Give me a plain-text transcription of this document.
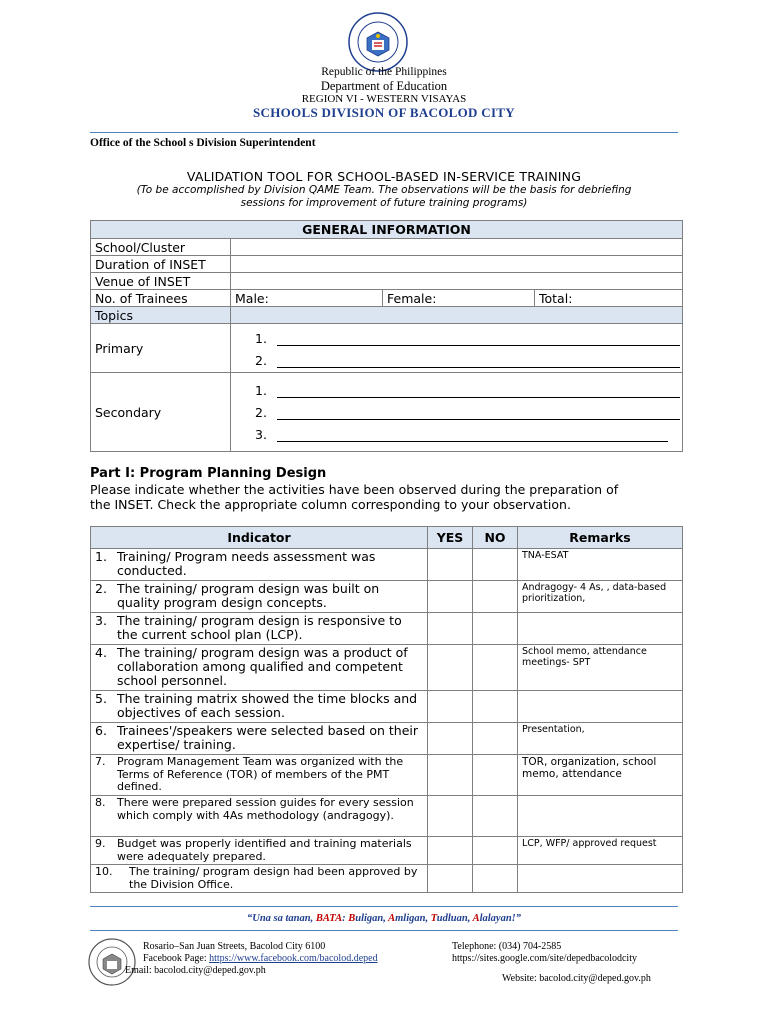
Republic of the Philippines
Department of Education
REGION VI - WESTERN VISAYAS
SCHOOLS DIVISION OF BACOLOD CITY
Office of the School s Division Superintendent
VALIDATION TOOL FOR SCHOOL-BASED IN-SERVICE TRAINING
(To be accomplished by Division QAME Team. The observations will be the basis for debriefing
sessions for improvement of future training programs)
GENERAL INFORMATION			
School/Cluster			
Duration of INSET			
Venue of INSET			
No. of Trainees	Male:	Female:	Total:
Topics			
Primary	1.
2.		

Secondary	1.
2.
3.		
Part I: Program Planning Design
Please indicate whether the activities have been observed during the preparation of
the INSET. Check the appropriate column corresponding to your observation.
Indicator	YES	NO	Remarks

1. Training/ Program needs assessment was conducted.			TNA-ESAT

2. The training/ program design was built on quality program design concepts.			Andragogy- 4 As, , data-based prioritization,

3. The training/ program design is responsive to the current school plan (LCP).			

4. The training/ program design was a product of collaboration among qualified and competent school personnel.			School memo, attendance meetings- SPT

5. The training matrix showed the time blocks and objectives of each session.			

6. Trainees'/speakers were selected based on their expertise/ training.			Presentation,

7. Program Management Team was organized with the Terms of Reference (TOR) of members of the PMT defined.			TOR, organization, school memo, attendance

8. There were prepared session guides for every session which comply with 4As methodology (andragogy).			

9. Budget was properly identified and training materials were adequately prepared.			LCP, WFP/ approved request

10. The training/ program design had been approved by the Division Office.			

“Una sa tanan, BATA: Buligan, Amligan, Tudluan, Alalayan!”
Rosario–San Juan Streets, Bacolod City 6100
Facebook Page: https://www.facebook.com/bacolod.deped
Email: bacolod.city@deped.gov.ph
Telephone: (034) 704-2585
https://sites.google.com/site/depedbacolodcity
Website: bacolod.city@deped.gov.ph
